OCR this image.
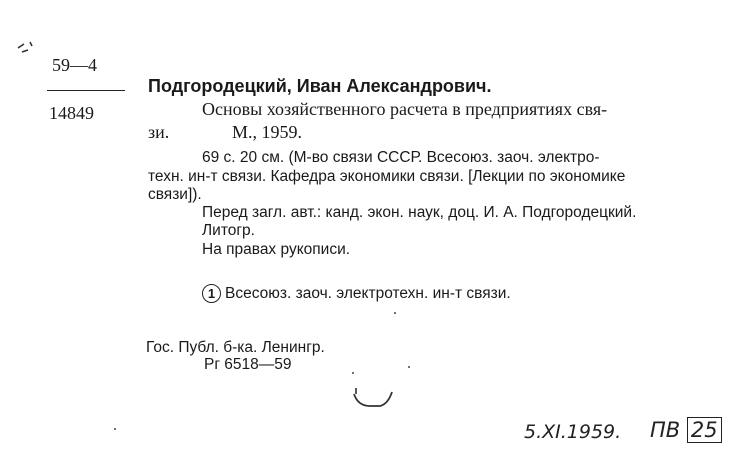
59—4
14849
Подгородецкий, Иван Александрович.
Основы хозяйственного расчета в предприятиях свя-
зи.	М., 1959.
69 с. 20 см. (М-во связи СССР. Всесоюз. заоч. электро-
техн. ин-т связи. Кафедра экономики связи. [Лекции по экономике
связи]).
Перед загл. авт.: канд. экон. наук, доц. И. А. Подгородецкий.
Литогр.
На правах рукописи.
1 Всесоюз. заоч. электротехн. ин-т связи.
Гос. Публ. б-ка. Ленингр.
Рг 6518—59
5.XI.1959. ПВ 25
